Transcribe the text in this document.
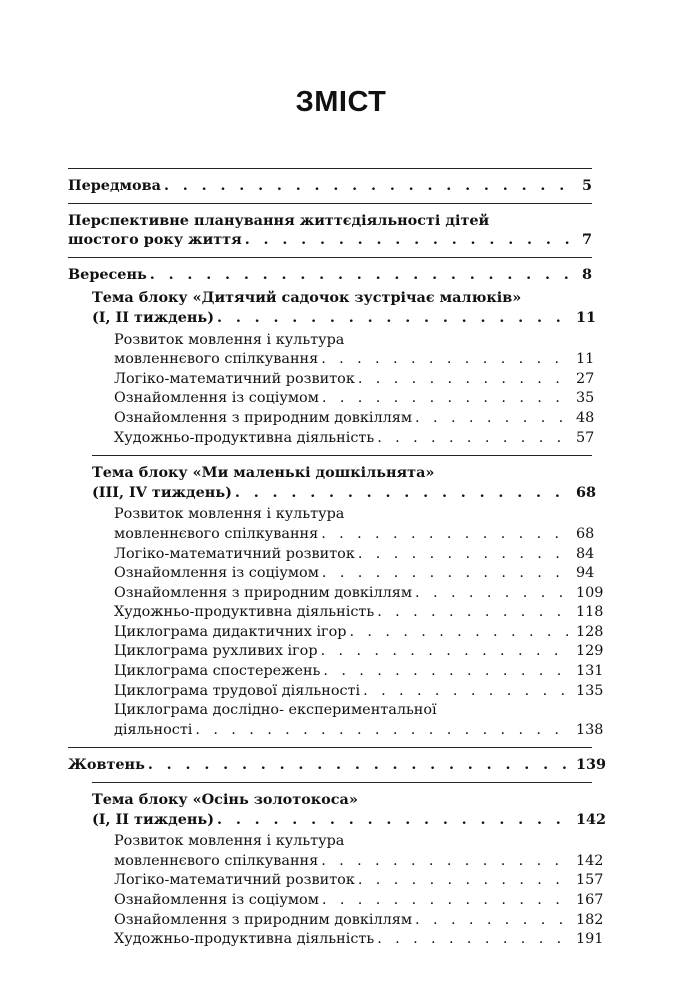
ЗМІСТ
Передмова . . .	5
Перспективне планування життєдіяльності дітей
шостого року життя . . .	7
Вересень . . .	8
Тема блоку «Дитячий садочок зустрічає малюків»
(I, II тиждень) . . .	11
Розвиток мовлення і культура
мовленнєвого спілкування . . .	11
Логіко-математичний розвиток . . .	27
Ознайомлення із соціумом . . .	35
Ознайомлення з природним довкіллям . . .	48
Художньо-продуктивна діяльність . . .	57
Тема блоку «Ми маленькі дошкільнята»
(III, IV тиждень) . . .	68
Розвиток мовлення і культура
мовленнєвого спілкування . . .	68
Логіко-математичний розвиток . . .	84
Ознайомлення із соціумом . . .	94
Ознайомлення з природним довкіллям . . .	109
Художньо-продуктивна діяльність . . .	118
Циклограма дидактичних ігор . . .	128
Циклограма рухливих ігор . . .	129
Циклограма спостережень . . .	131
Циклограма трудової діяльності . . .	135
Циклограма дослідно- експериментальної
діяльності . . .	138
Жовтень . . .	139
Тема блоку «Осінь золотокоса»
(I, II тиждень) . . .	142
Розвиток мовлення і культура
мовленнєвого спілкування . . .	142
Логіко-математичний розвиток . . .	157
Ознайомлення із соціумом . . .	167
Ознайомлення з природним довкіллям . . .	182
Художньо-продуктивна діяльність . . .	191
